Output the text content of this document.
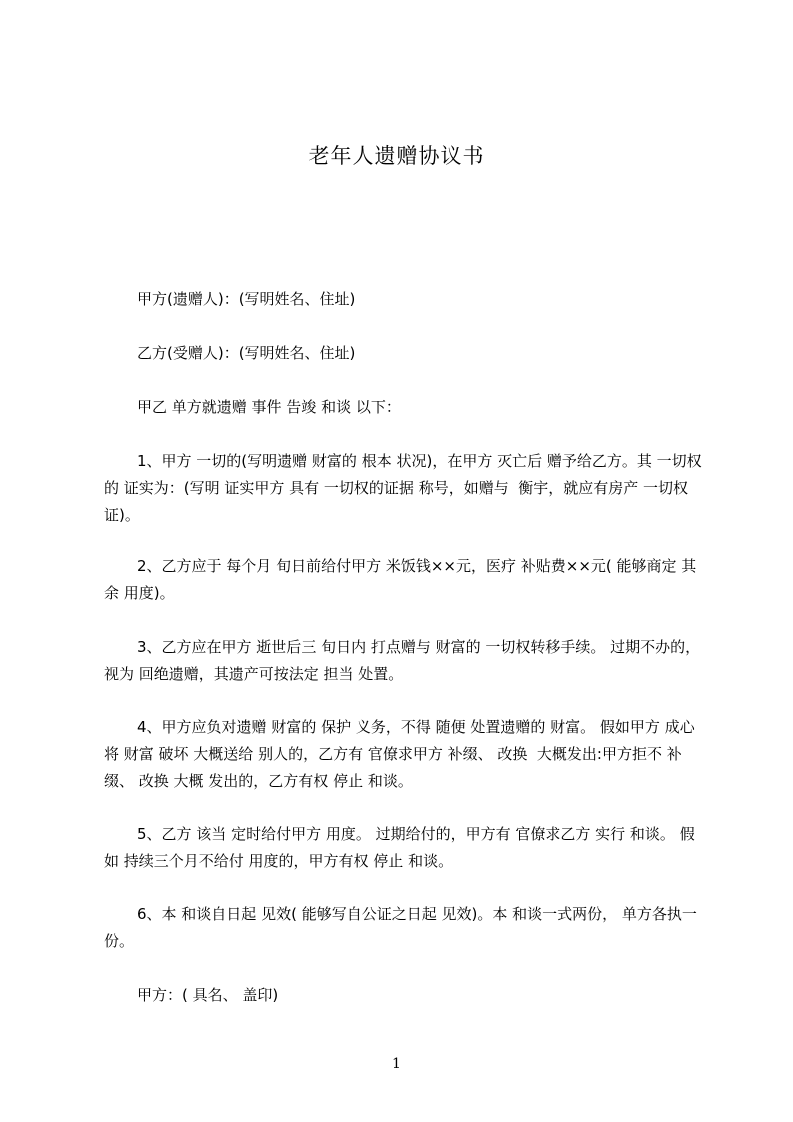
老年人遗赠协议书
甲方(遗赠人)：(写明姓名、住址)
乙方(受赠人)：(写明姓名、住址)
甲乙 单方就遗赠 事件 告竣 和谈 以下：
1、甲方 一切的(写明遗赠 财富的 根本 状况)，在甲方 灭亡后 赠予给乙方。其 一切权的 证实为：(写明 证实甲方 具有 一切权的证据 称号，如赠与  衡宇，就应有房产 一切权证)。
2、乙方应于 每个月 旬日前给付甲方 米饭钱××元，医疗 补贴费××元( 能够商定 其余 用度)。
3、乙方应在甲方 逝世后三 旬日内 打点赠与 财富的 一切权转移手续。 过期不办的，视为 回绝遗赠，其遗产可按法定 担当 处置。
4、甲方应负对遗赠 财富的 保护 义务，不得 随便 处置遗赠的 财富。 假如甲方 成心将 财富 破坏 大概送给 别人的，乙方有 官僚求甲方 补缀、 改换  大概发出:甲方拒不 补缀、 改换 大概 发出的，乙方有权 停止 和谈。
5、乙方 该当 定时给付甲方 用度。 过期给付的，甲方有 官僚求乙方 实行 和谈。 假如 持续三个月不给付 用度的，甲方有权 停止 和谈。
6、本 和谈自日起 见效( 能够写自公证之日起 见效)。本 和谈一式两份， 单方各执一份。
甲方：( 具名、 盖印)
1
